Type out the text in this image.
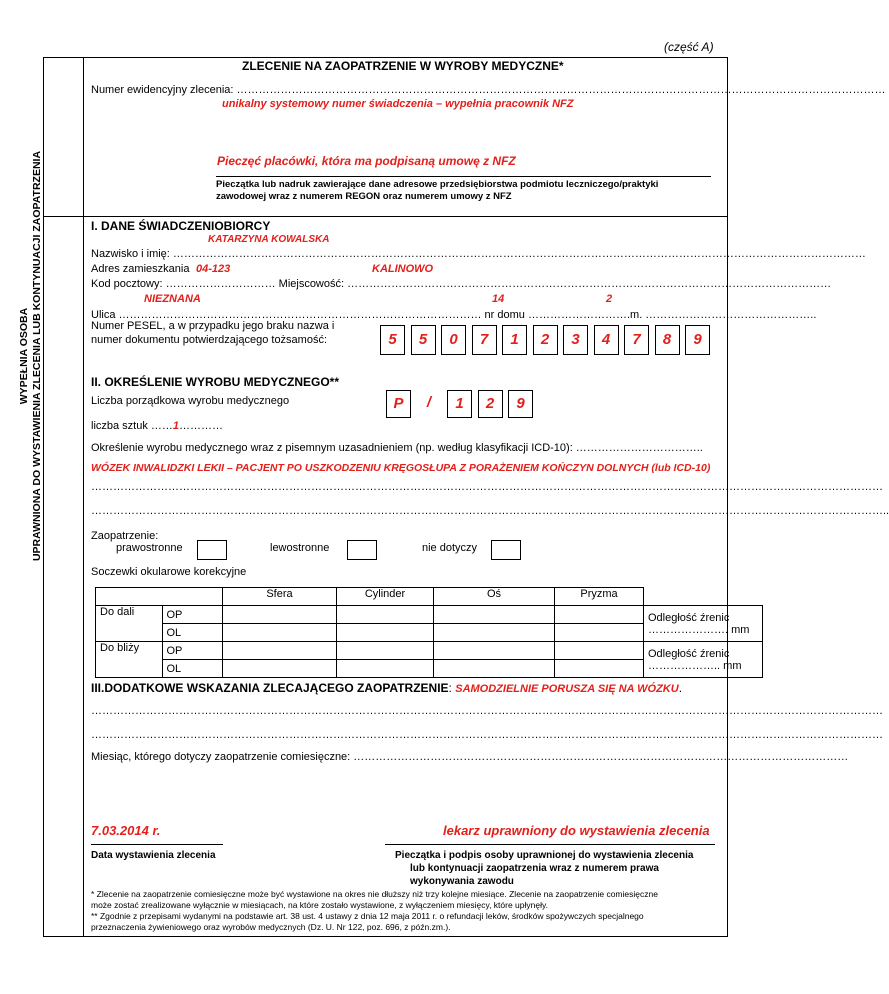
(część A)
WYPEŁNIA OSOBA UPRAWNIONA DO WYSTAWIENIA ZLECENIA LUB KONTYNUACJI ZAOPATRZENIA
ZLECENIE NA ZAOPATRZENIE W WYROBY MEDYCZNE*
Numer ewidencyjny zlecenia: ……………………………………………………………………………………………………………………………………………………………
unikalny systemowy numer świadczenia – wypełnia pracownik NFZ
Pieczęć placówki, która ma podpisaną umowę z NFZ
Pieczątka lub nadruk zawierające dane adresowe przedsiębiorstwa podmiotu leczniczego/praktyki
zawodowej wraz z numerem REGON oraz numerem umowy z NFZ
I. DANE ŚWIADCZENIOBIORCY
KATARZYNA KOWALSKA
Nazwisko i imię: ………………………………………………………………………………………………………………………………………………………………………
Adres zamieszkania 04-123	KALINOWO
Kod pocztowy: ………………………… Miejscowość: ……………………………………………………………………………………………………………………
NIEZNANA	14	2
Ulica ……………………………………………………………………………………… nr domu ……………………….m. ………………………………………..
Numer PESEL, a w przypadku jego braku nazwa i
numer dokumentu potwierdzającego tożsamość:	5	5	0	7	1	2	3	4	7	8	9
II. OKREŚLENIE WYROBU MEDYCZNEGO**
Liczba porządkowa wyrobu medycznego	P	/	1	2	9
liczba sztuk ……1…………
Określenie wyrobu medycznego wraz z pisemnym uzasadnieniem (np. według klasyfikacji ICD-10): ……………………………..
WÓZEK INWALIDZKI LEKII – PACJENT PO USZKODZENIU KRĘGOSŁUPA Z PORAŻENIEM KOŃCZYN DOLNYCH (lub ICD-10)
………………………………………………………………………………………………………………………………………………………………………………………………
………………………………………………………………………………………………………………………………………………………………………………………………..
Zaopatrzenie:
prawostronne	lewostronne	nie dotyczy
Soczewki okularowe korekcyjne
		Sfera	Cylinder	Oś	Pryzma	
Do dali	OP					Odległość źrenic
…………………. mm

	OL					
Do bliży	OP					Odległość źrenic
……………….. mm

	OL					
III.DODATKOWE WSKAZANIA ZLECAJĄCEGO ZAOPATRZENIE: SAMODZIELNIE PORUSZA SIĘ NA WÓZKU.
………………………………………………………………………………………………………………………………………………………………………………………………
………………………………………………………………………………………………………………………………………………………………………………………………
Miesiąc, którego dotyczy zaopatrzenie comiesięczne: ………………………………………………………………………………………………………………………
7.03.2014 r.	lekarz uprawniony do wystawienia zlecenia
Data wystawienia zlecenia	Pieczątka i podpis osoby uprawnionej do wystawienia zlecenia
lub kontynuacji zaopatrzenia wraz z numerem prawa
wykonywania zawodu
* Zlecenie na zaopatrzenie comiesięczne może być wystawione na okres nie dłuższy niż trzy kolejne miesiące. Zlecenie na zaopatrzenie comiesięczne
może zostać zrealizowane wyłącznie w miesiącach, na które zostało wystawione, z wyłączeniem miesięcy, które upłynęły.
** Zgodnie z przepisami wydanymi na podstawie art. 38 ust. 4 ustawy z dnia 12 maja 2011 r. o refundacji leków, środków spożywczych specjalnego
przeznaczenia żywieniowego oraz wyrobów medycznych (Dz. U. Nr 122, poz. 696, z późn.zm.).
